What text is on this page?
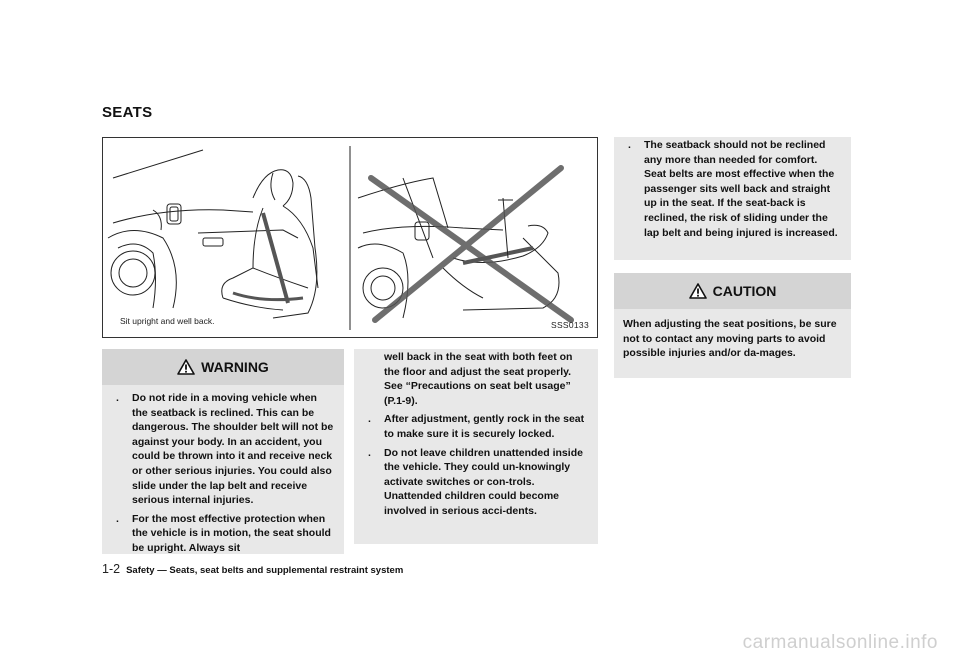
SEATS
Sit upright and well back.	SSS0133
WARNING
. Do not ride in a moving vehicle when the seatback is reclined. This can be dangerous. The shoulder belt will not be against your body. In an accident, you could be thrown into it and receive neck or other serious injuries. You could also slide under the lap belt and receive serious internal injuries.
. For the most effective protection when the vehicle is in motion, the seat should be upright. Always sit
well back in the seat with both feet on the floor and adjust the seat properly. See “Precautions on seat belt usage” (P.1-9).
. After adjustment, gently rock in the seat to make sure it is securely locked.
. Do not leave children unattended inside the vehicle. They could un-knowingly activate switches or con-trols. Unattended children could become involved in serious acci-dents.
. The seatback should not be reclined any more than needed for comfort. Seat belts are most effective when the passenger sits well back and straight up in the seat. If the seat-back is reclined, the risk of sliding under the lap belt and being injured is increased.
CAUTION
When adjusting the seat positions, be sure not to contact any moving parts to avoid possible injuries and/or da-mages.
1-2 Safety — Seats, seat belts and supplemental restraint system
carmanualsonline.info
